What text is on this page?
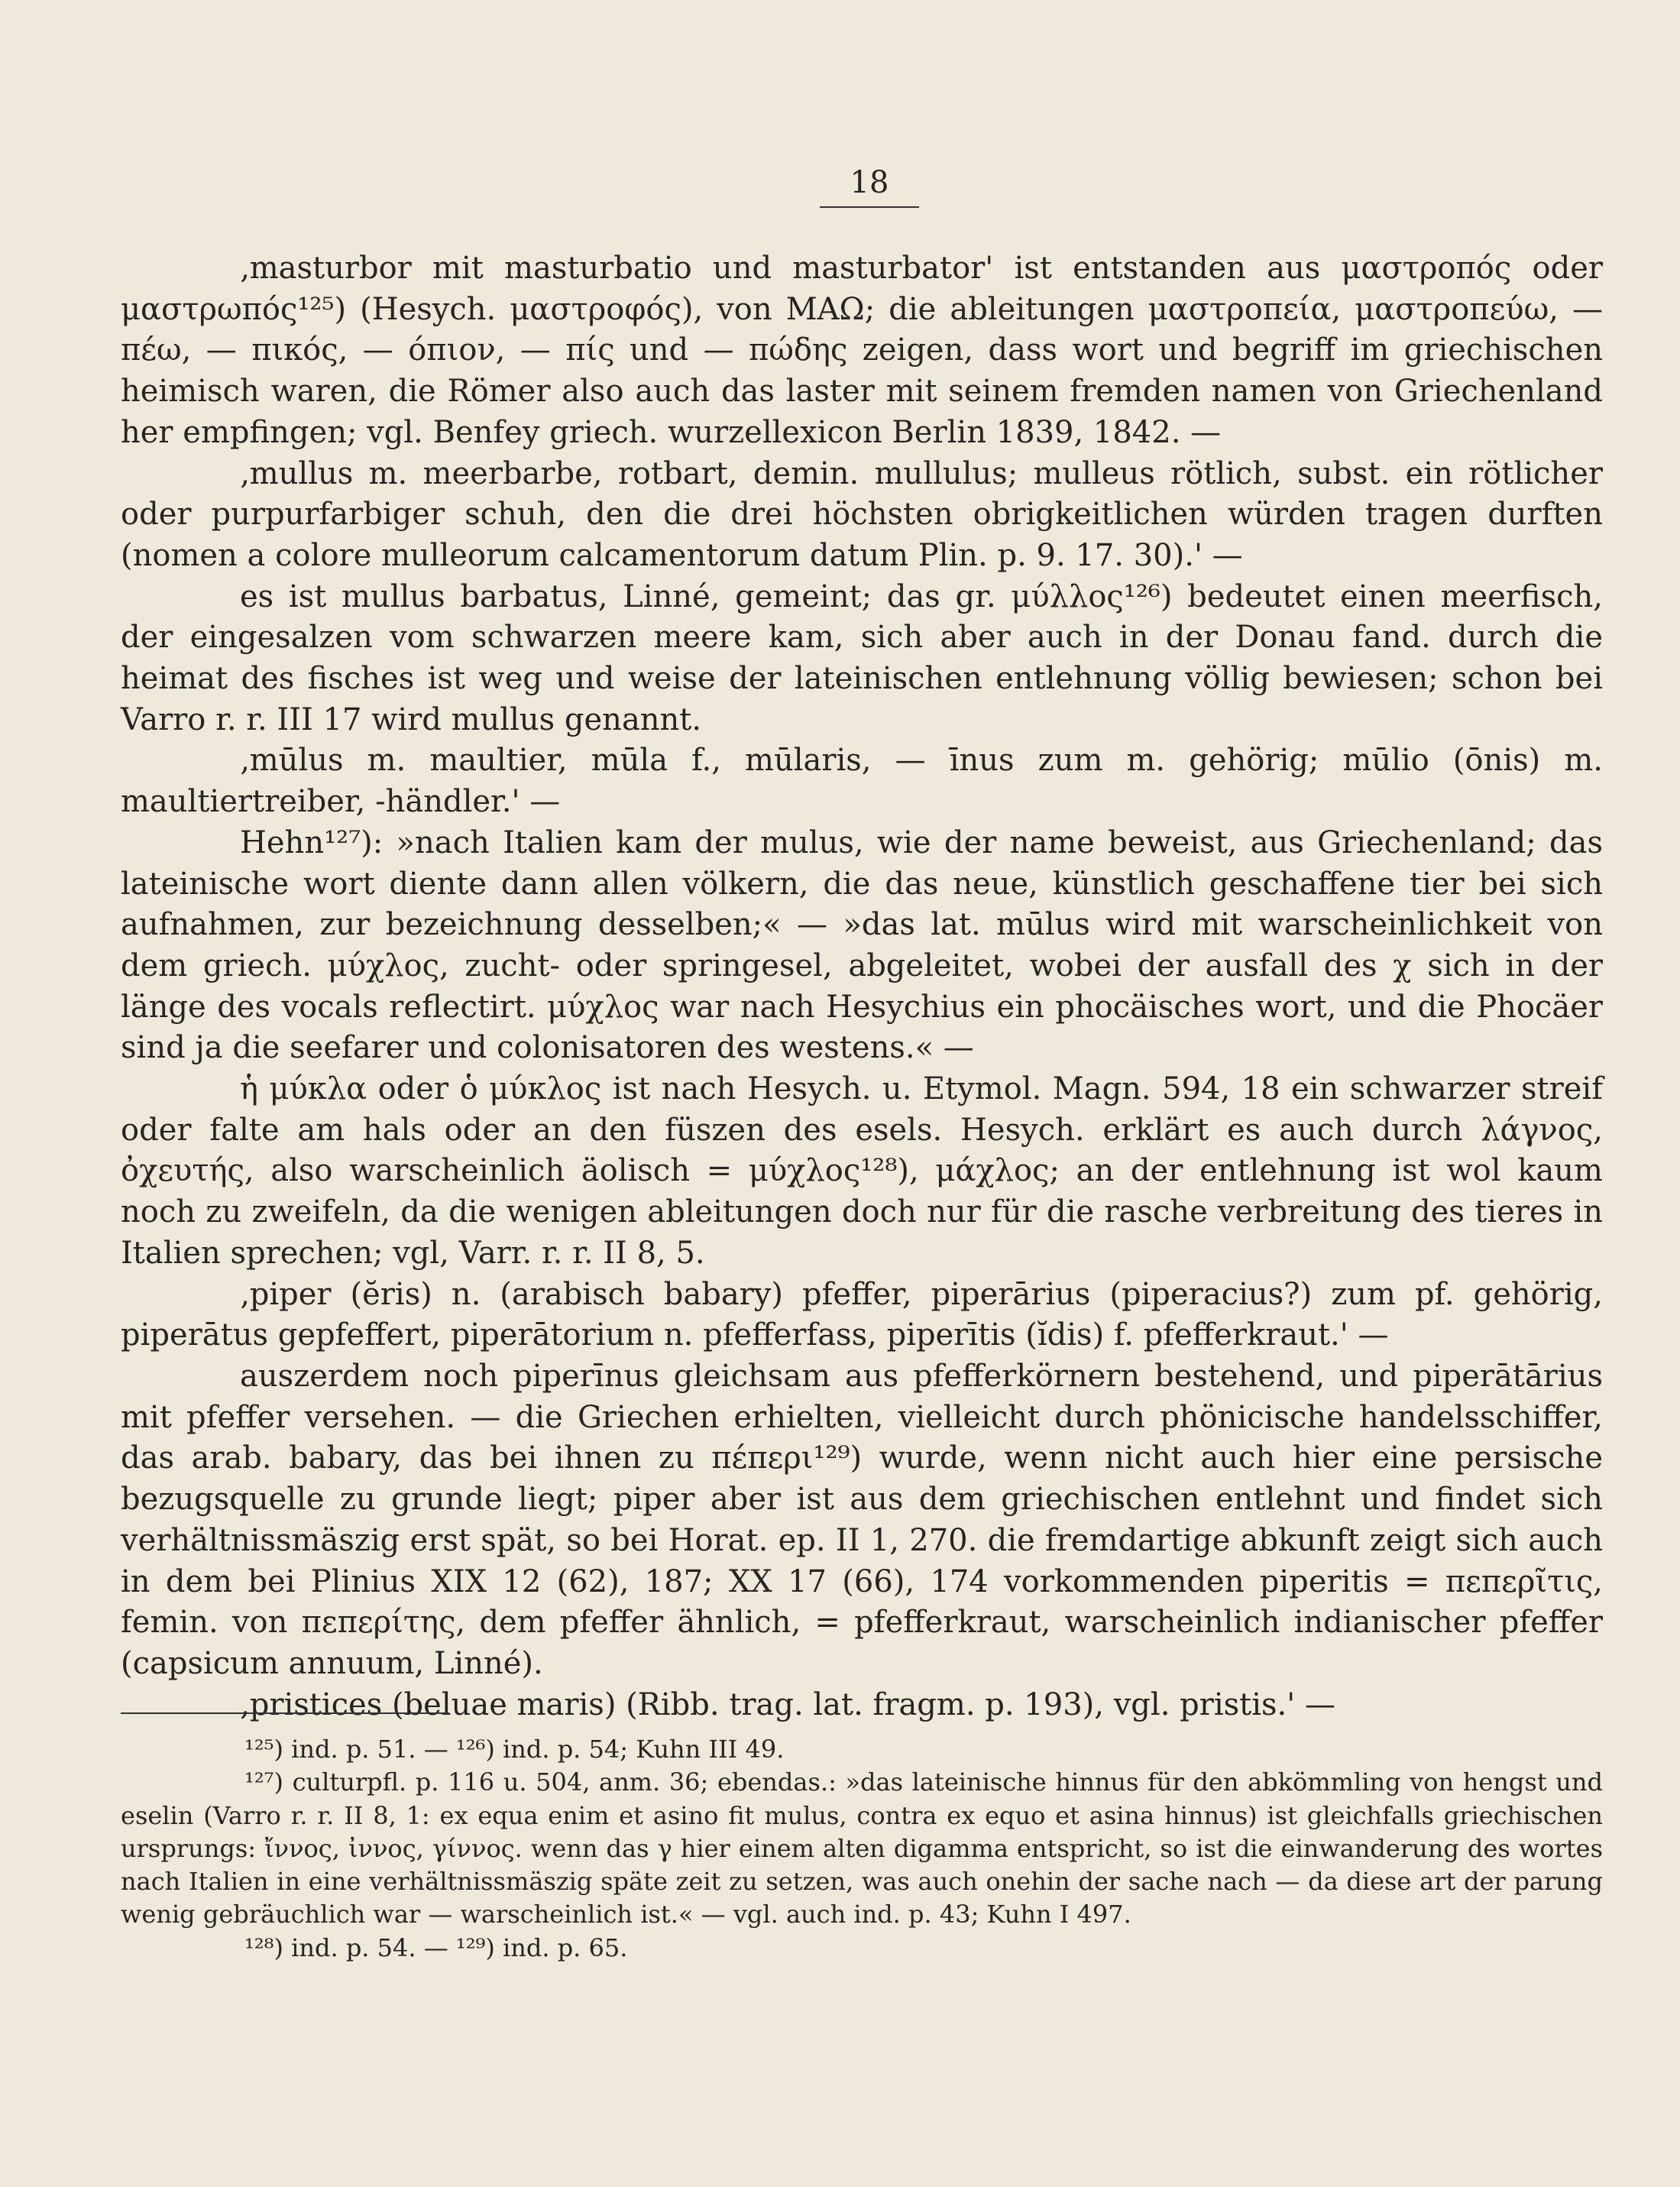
18

‚masturbor mit masturbatio und masturbator' ist entstanden aus μαστροπός oder μαστρωπός¹²⁵) (Hesych. μαστροφός), von ΜΑΩ; die ableitungen μαστροπεία, μαστροπεύω, — πέω, — πικός, — όπιον, — πίς und — πώδης zeigen, dass wort und begriff im griechischen heimisch waren, die Römer also auch das laster mit seinem fremden namen von Griechenland her empfingen; vgl. Benfey griech. wurzellexicon Berlin 1839, 1842. —

‚mullus m. meerbarbe, rotbart, demin. mullulus; mulleus rötlich, subst. ein rötlicher oder purpurfarbiger schuh, den die drei höchsten obrigkeitlichen würden tragen durften (nomen a colore mulleorum calcamentorum datum Plin. p. 9. 17. 30).' —

es ist mullus barbatus, Linné, gemeint; das gr. μύλλος¹²⁶) bedeutet einen meerfisch, der eingesalzen vom schwarzen meere kam, sich aber auch in der Donau fand. durch die heimat des fisches ist weg und weise der lateinischen entlehnung völlig bewiesen; schon bei Varro r. r. III 17 wird mullus genannt.

‚mūlus m. maultier, mūla f., mūlaris, — īnus zum m. gehörig; mūlio (ōnis) m. maultiertreiber, -händler.' —

Hehn¹²⁷): »nach Italien kam der mulus, wie der name beweist, aus Griechenland; das lateinische wort diente dann allen völkern, die das neue, künstlich geschaffene tier bei sich aufnahmen, zur bezeichnung desselben;« — »das lat. mūlus wird mit warscheinlichkeit von dem griech. μύχλος, zucht- oder springesel, abgeleitet, wobei der ausfall des χ sich in der länge des vocals reflectirt. μύχλος war nach Hesychius ein phocäisches wort, und die Phocäer sind ja die seefarer und colonisatoren des westens.« —

ἡ μύκλα oder ὁ μύκλος ist nach Hesych. u. Etymol. Magn. 594, 18 ein schwarzer streif oder falte am hals oder an den füszen des esels. Hesych. erklärt es auch durch λάγνος, ὀχευτής, also warscheinlich äolisch = μύχλος¹²⁸), μάχλος; an der entlehnung ist wol kaum noch zu zweifeln, da die wenigen ableitungen doch nur für die rasche verbreitung des tieres in Italien sprechen; vgl, Varr. r. r. II 8, 5.

‚piper (ĕris) n. (arabisch babary) pfeffer, piperārius (piperacius?) zum pf. gehörig, piperātus gepfeffert, piperātorium n. pfefferfass, piperītis (ĭdis) f. pfefferkraut.' —

auszerdem noch piperīnus gleichsam aus pfefferkörnern bestehend, und piperātārius mit pfeffer versehen. — die Griechen erhielten, vielleicht durch phönicische handelsschiffer, das arab. babary, das bei ihnen zu πέπερι¹²⁹) wurde, wenn nicht auch hier eine persische bezugsquelle zu grunde liegt; piper aber ist aus dem griechischen entlehnt und findet sich verhältnissmäszig erst spät, so bei Horat. ep. II 1, 270. die fremdartige abkunft zeigt sich auch in dem bei Plinius XIX 12 (62), 187; XX 17 (66), 174 vorkommenden piperitis = πεπερῖτις, femin. von πεπερίτης, dem pfeffer ähnlich, = pfefferkraut, warscheinlich indianischer pfeffer (capsicum annuum, Linné).

‚pristices (beluae maris) (Ribb. trag. lat. fragm. p. 193), vgl. pristis.' —

¹²⁵) ind. p. 51. — ¹²⁶) ind. p. 54; Kuhn III 49.

¹²⁷) culturpfl. p. 116 u. 504, anm. 36; ebendas.: »das lateinische hinnus für den abkömmling von hengst und eselin (Varro r. r. II 8, 1: ex equa enim et asino fit mulus, contra ex equo et asina hinnus) ist gleichfalls griechischen ursprungs: ἴννος, ἰννος, γίννος. wenn das γ hier einem alten digamma entspricht, so ist die einwanderung des wortes nach Italien in eine verhältnissmäszig späte zeit zu setzen, was auch onehin der sache nach — da diese art der parung wenig gebräuchlich war — warscheinlich ist.« — vgl. auch ind. p. 43; Kuhn I 497.

¹²⁸) ind. p. 54. — ¹²⁹) ind. p. 65.
